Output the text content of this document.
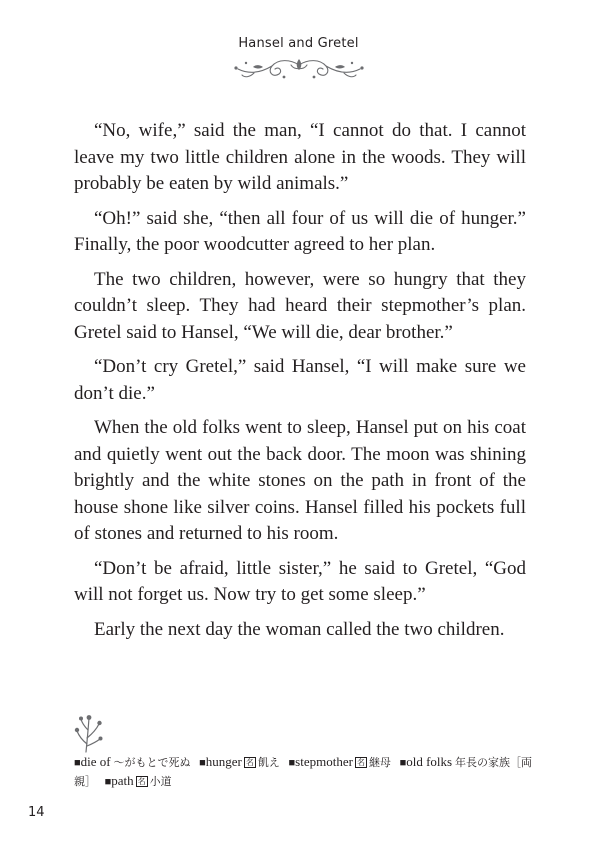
Hansel and Gretel

“No, wife,” said the man, “I cannot do that. I cannot leave my two little children alone in the woods. They will probably be eaten by wild animals.”

“Oh!” said she, “then all four of us will die of hunger.” Finally, the poor woodcutter agreed to her plan.

The two children, however, were so hungry that they couldn’t sleep. They had heard their stepmother’s plan. Gretel said to Hansel, “We will die, dear brother.”

“Don’t cry Gretel,” said Hansel, “I will make sure we don’t die.”

When the old folks went to sleep, Hansel put on his coat and quietly went out the back door. The moon was shining brightly and the white stones on the path in front of the house shone like silver coins. Hansel filled his pockets full of stones and returned to his room.

“Don’t be afraid, little sister,” he said to Gretel, “God will not forget us. Now try to get some sleep.”

Early the next day the woman called the two children.

■die of ～がもとで死ぬ ■hunger 名 飢え ■stepmother 名 継母 ■old folks 年長の家族［両親］ ■path 名 小道
14
